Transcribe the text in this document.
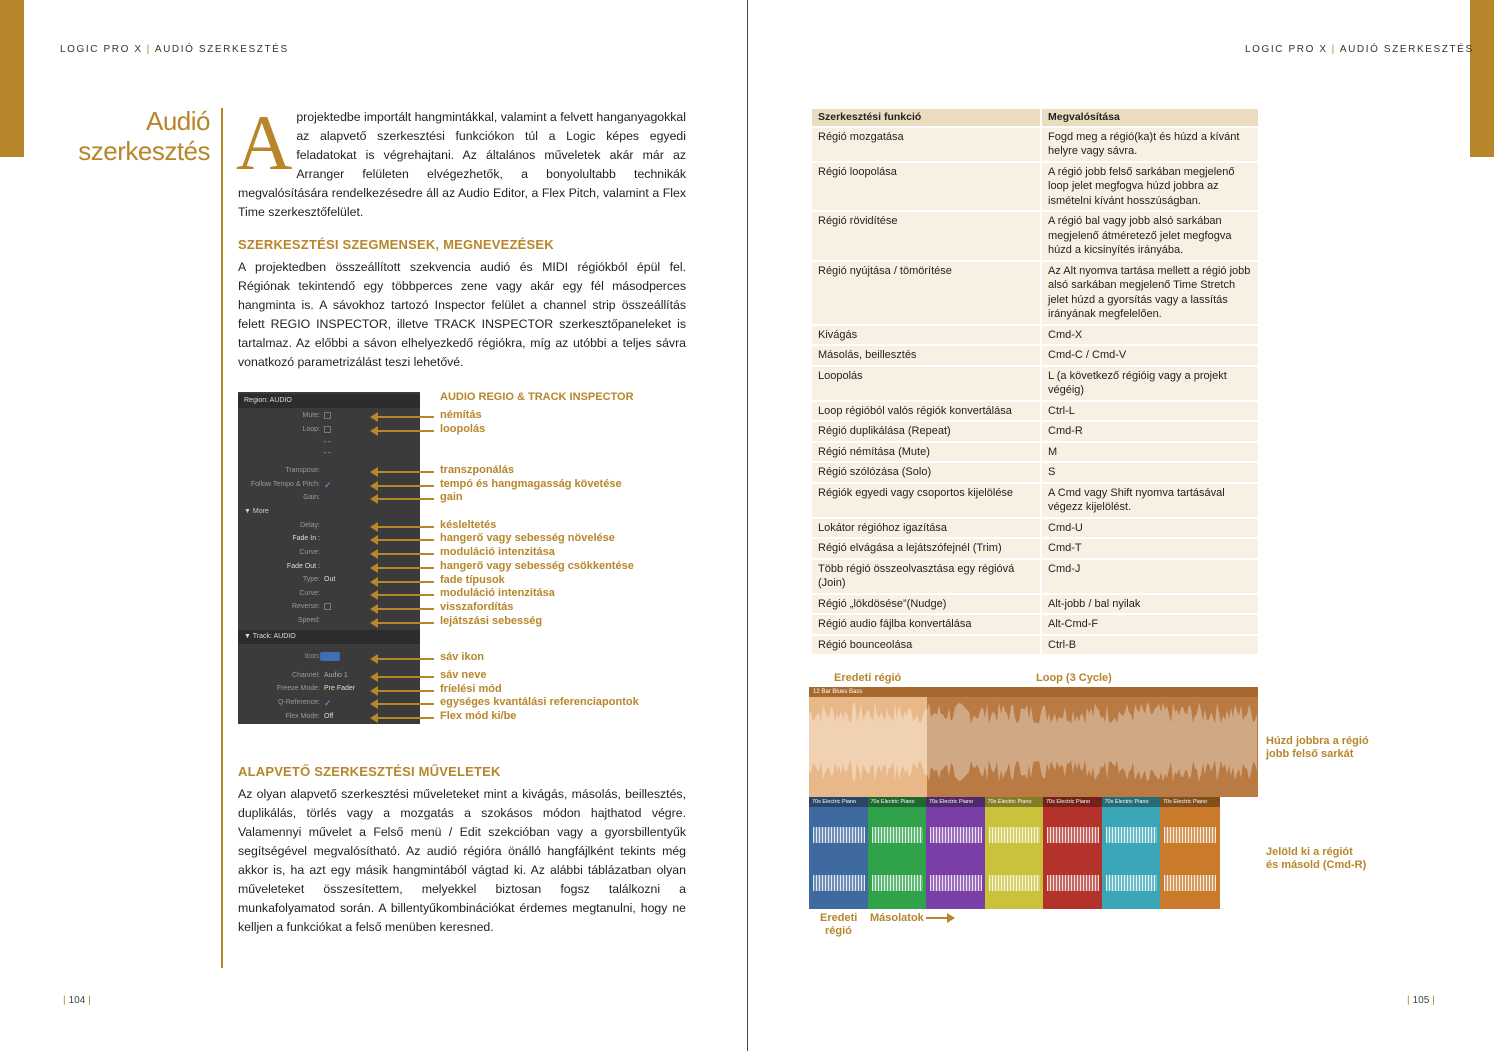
LOGIC PRO X | AUDIÓ SZERKESZTÉS
Audió
szerkesztés Aprojektedbe importált hangmintákkal, valamint a felvett hanganyagokkal az alapvető szerkesztési funkciókon túl a Logic képes egyedi feladatokat is végrehajtani. Az általános műveletek akár már az Arranger felületen elvégezhetők, a bonyolultabb technikák megvalósítására rendelkezésedre áll az Audio Editor, a Flex Pitch, valamint a Flex Time szerkesztőfelület.
SZERKESZTÉSI SZEGMENSEK, MEGNEVEZÉSEK
A projektedben összeállított szekvencia audió és MIDI régiókból épül fel. Régiónak tekintendő egy többperces zene vagy akár egy fél másodperces hangminta is. A sávokhoz tartozó Inspector felület a channel strip összeállítás felett REGIO INSPECTOR, illetve TRACK INSPECTOR szerkesztőpaneleket is tartalmaz. Az előbbi a sávon elhelyezkedő régiókra, míg az utóbbi a teljes sávra vonatkozó parametrizálást teszi lehetővé.
Region: AUDIO
Mute:
Loop:
- -
- -
Transpose:
Follow Tempo & Pitch: ✓
Gain:
▼ More
Delay:
Fade In :
Curve:
Fade Out :
Type: Out
Curve:
Reverse:
Speed:
▼ Track: AUDIO
Icon:
Channel: Audio 1
Freeze Mode: Pre Fader
Q-Reference: ✓
Flex Mode: Off
AUDIO REGIO & TRACK INSPECTOR
némítás
loopolás
transzponálás
tempó és hangmagasság követése
gain
késleltetés
hangerő vagy sebesség növelése
moduláció intenzitása
hangerő vagy sebesség csökkentése
fade típusok
moduláció intenzitása
visszafordítás
lejátszási sebesség
sáv ikon
sáv neve
fríelési mód
egységes kvantálási referenciapontok
Flex mód ki/be
ALAPVETŐ SZERKESZTÉSI MŰVELETEK
Az olyan alapvető szerkesztési műveleteket mint a kivágás, másolás, beillesztés, duplikálás, törlés vagy a mozgatás a szokásos módon hajthatod végre. Valamennyi művelet a Felső menü / Edit szekcióban vagy a gyorsbillentyűk segítségével megvalósítható. Az audió régióra önálló hangfájlként tekints még akkor is, ha azt egy másik hangmintából vágtad ki. Az alábbi táblázatban olyan műveleteket összesítettem, melyekkel biztosan fogsz találkozni a munkafolyamatod során. A billentyűkombinációkat érdemes megtanulni, hogy ne kelljen a funkciókat a felső menüben keresned.
| 104 |
LOGIC PRO X | AUDIÓ SZERKESZTÉS
| 105 |
Szerkesztési funkció	Megvalósítása
Régió mozgatása	Fogd meg a régió(ka)t és húzd a kívánt helyre vagy sávra.
Régió loopolása	A régió jobb felső sarkában megjelenő loop jelet megfogva húzd jobbra az ismételni kívánt hosszúságban.
Régió rövidítése	A régió bal vagy jobb alsó sarkában megjelenő átméretező jelet megfogva húzd a kicsinyítés irányába.
Régió nyújtása / tömörítése	Az Alt nyomva tartása mellett a régió jobb alsó sarkában megjelenő Time Stretch jelet húzd a gyorsítás vagy a lassítás irányának megfelelően.
Kivágás	Cmd-X
Másolás, beillesztés	Cmd-C / Cmd-V
Loopolás	L (a következő régióig vagy a projekt végéig)
Loop régióból valós régiók konvertálása	Ctrl-L
Régió duplikálása (Repeat)	Cmd-R
Régió némítása (Mute)	M
Régió szólózása (Solo)	S
Régiók egyedi vagy csoportos kijelölése	A Cmd vagy Shift nyomva tartásával végezz kijelölést.
Lokátor régióhoz igazítása	Cmd-U
Régió elvágása a lejátszófejnél (Trim)	Cmd-T
Több régió összeolvasztása egy régióvá (Join)	Cmd-J
Régió „lökdösése”(Nudge)	Alt-jobb / bal nyilak
Régió audio fájlba konvertálása	Alt-Cmd-F
Régió bounceolása	Ctrl-B
Eredeti régió	Loop (3 Cycle)
12 Bar Blues Bass
70s Electric Piano	70s Electric Piano	70s Electric Piano	70s Electric Piano	70s Electric Piano	70s Electric Piano	70s Electric Piano
Húzd jobbra a régió
jobb felső sarkát
Jelöld ki a régiót
és másold (Cmd-R)
Eredeti
régió
Másolatok
